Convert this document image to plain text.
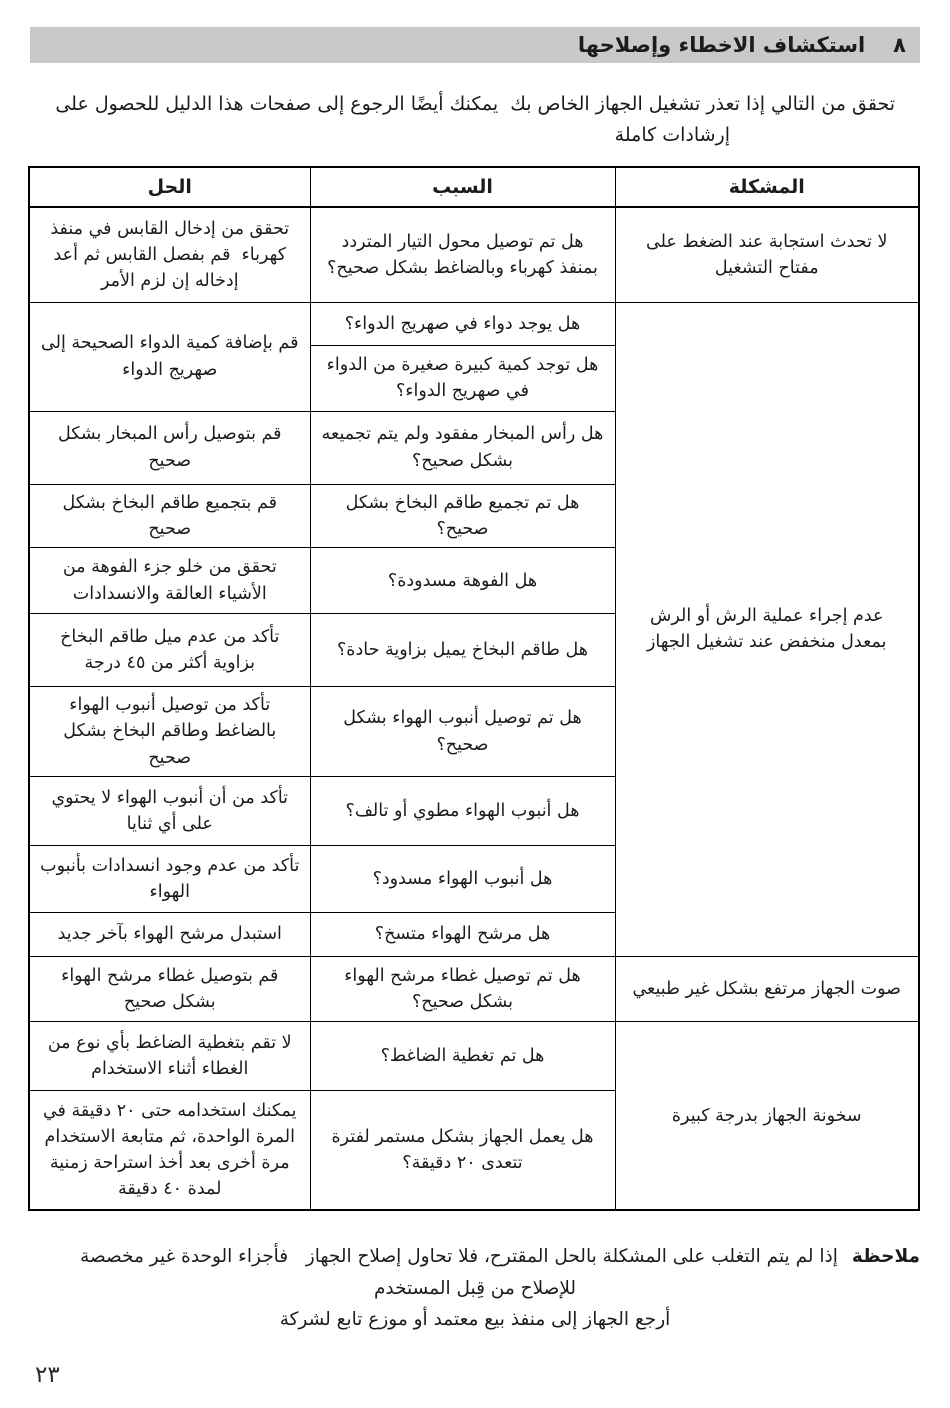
٨
استكشاف الاخطاء وإصلاحها

تحقق من التالي إذا تعذر تشغيل الجهاز الخاص بك  يمكنك أيضًا الرجوع إلى صفحات هذا الدليل للحصول على
إرشادات كاملة

المشكلة	السبب	الحل
لا تحدث استجابة عند الضغط على مفتاح التشغيل	هل تم توصيل محول التيار المتردد بمنفذ كهرباء وبالضاغط بشكل صحيح؟	تحقق من إدخال القابس في منفذ كهرباء  قم بفصل القابس ثم أعد إدخاله إن لزم الأمر
عدم إجراء عملية الرش أو الرش بمعدل منخفض عند تشغيل الجهاز	هل يوجد دواء في صهريج الدواء؟	قم بإضافة كمية الدواء الصحيحة إلى صهريج الدواء
	هل توجد كمية كبيرة صغيرة من الدواء في صهريج الدواء؟	
	هل رأس المبخار مفقود ولم يتم تجميعه بشكل صحيح؟	قم بتوصيل رأس المبخار بشكل صحيح
	هل تم تجميع طاقم البخاخ بشكل صحيح؟	قم بتجميع طاقم البخاخ بشكل صحيح
	هل الفوهة مسدودة؟	تحقق من خلو جزء الفوهة من الأشياء العالقة والانسدادات
	هل طاقم البخاخ يميل بزاوية حادة؟	تأكد من عدم ميل طاقم البخاخ بزاوية أكثر من ٤٥ درجة
	هل تم توصيل أنبوب الهواء بشكل صحيح؟	تأكد من توصيل أنبوب الهواء بالضاغط وطاقم البخاخ بشكل صحيح
	هل أنبوب الهواء مطوي أو تالف؟	تأكد من أن أنبوب الهواء لا يحتوي على أي ثنايا
	هل أنبوب الهواء مسدود؟	تأكد من عدم وجود انسدادات بأنبوب الهواء
	هل مرشح الهواء متسخ؟	استبدل مرشح الهواء بآخر جديد
صوت الجهاز مرتفع بشكل غير طبيعي	هل تم توصيل غطاء مرشح الهواء بشكل صحيح؟	قم بتوصيل غطاء مرشح الهواء بشكل صحيح
سخونة الجهاز بدرجة كبيرة	هل تم تغطية الضاغط؟	لا تقم بتغطية الضاغط بأي نوع من الغطاء أثناء الاستخدام
	هل يعمل الجهاز بشكل مستمر لفترة تتعدى ٢٠ دقيقة؟	يمكنك استخدامه حتى ٢٠ دقيقة في المرة الواحدة، ثم متابعة الاستخدام مرة أخرى بعد أخذ استراحة زمنية لمدة ٤٠ دقيقة

ملاحظةإذا لم يتم التغلب على المشكلة بالحل المقترح، فلا تحاول إصلاح الجهاز   فأجزاء الوحدة غير مخصصة

للإصلاح من قِبل المستخدم

أرجع الجهاز إلى منفذ بيع معتمد أو موزع تابع لشركة

٢٣
